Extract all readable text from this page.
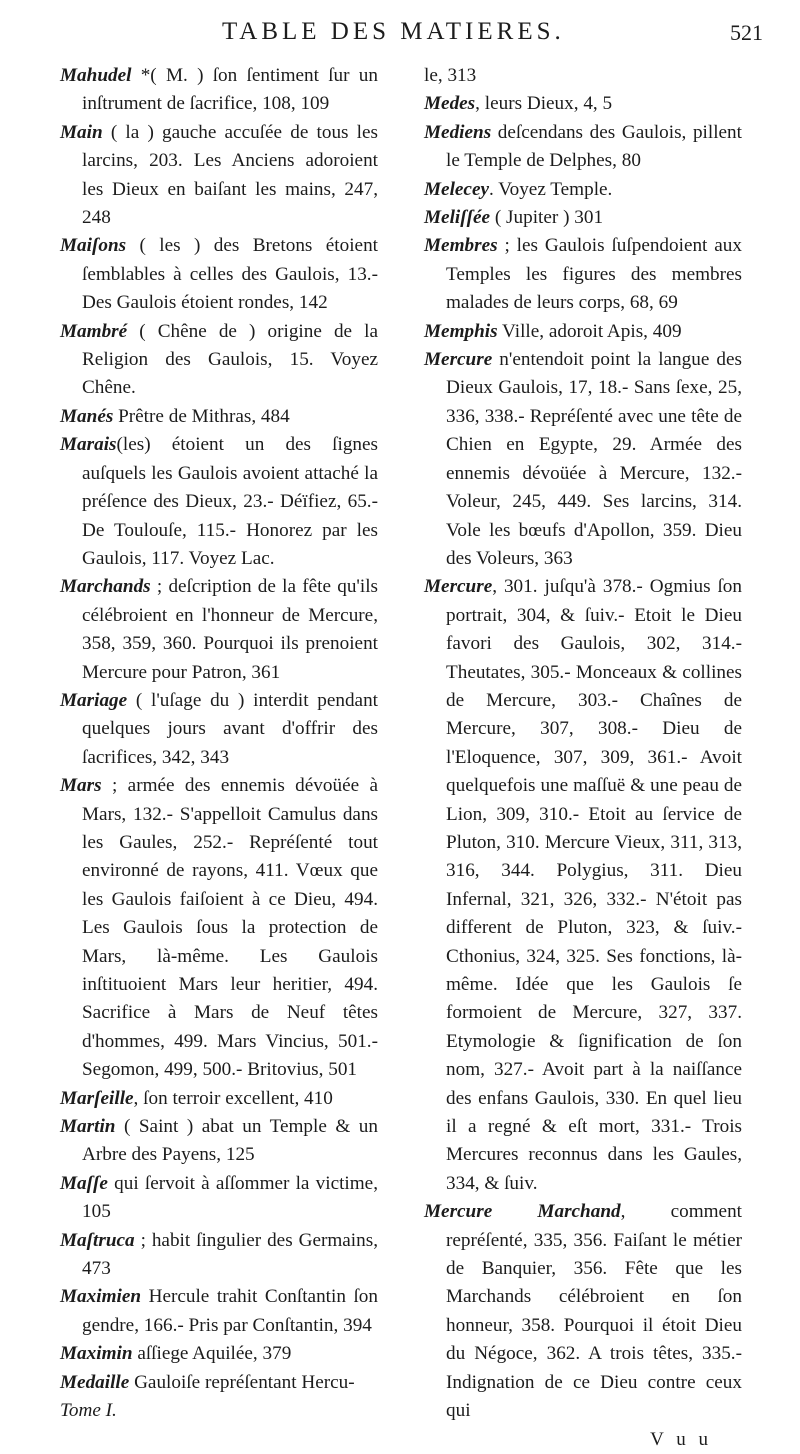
TABLE DES MATIERES.	521

Mahudel *( M. ) ſon ſentiment ſur un inſtrument de ſacrifice, 108, 109

Main ( la ) gauche accuſée de tous les larcins, 203. Les Anciens adoroient les Dieux en baiſant les mains, 247, 248

Maiſons ( les ) des Bretons étoient ſemblables à celles des Gaulois, 13.- Des Gaulois étoient rondes, 142

Mambré ( Chêne de ) origine de la Religion des Gaulois, 15. Voyez Chêne.

Manés Prêtre de Mithras, 484

Marais(les) étoient un des ſignes auſquels les Gaulois avoient attaché la préſence des Dieux, 23.- Déïfiez, 65.- De Toulouſe, 115.- Honorez par les Gaulois, 117. Voyez Lac.

Marchands ; deſcription de la fête qu'ils célébroient en l'honneur de Mercure, 358, 359, 360. Pourquoi ils prenoient Mercure pour Patron, 361

Mariage ( l'uſage du ) interdit pendant quelques jours avant d'offrir des ſacrifices, 342, 343

Mars ; armée des ennemis dévoüée à Mars, 132.- S'appelloit Camulus dans les Gaules, 252.- Repréſenté tout environné de rayons, 411. Vœux que les Gaulois faiſoient à ce Dieu, 494. Les Gaulois ſous la protection de Mars, là-même. Les Gaulois inſtituoient Mars leur heritier, 494. Sacrifice à Mars de Neuf têtes d'hommes, 499. Mars Vincius, 501.- Segomon, 499, 500.- Britovius, 501

Marſeille, ſon terroir excellent, 410

Martin ( Saint ) abat un Temple & un Arbre des Payens, 125

Maſſe qui ſervoit à aſſommer la victime, 105

Maſtruca ; habit ſingulier des Germains, 473

Maximien Hercule trahit Conſtantin ſon gendre, 166.- Pris par Conſtantin, 394

Maximin aſſiege Aquilée, 379

Medaille Gauloiſe repréſentant Hercu-

Tome I.

le, 313

Medes, leurs Dieux, 4, 5

Mediens deſcendans des Gaulois, pillent le Temple de Delphes, 80

Melecey. Voyez Temple.

Meliſſée ( Jupiter ) 301

Membres ; les Gaulois ſuſpendoient aux Temples les figures des membres malades de leurs corps, 68, 69

Memphis Ville, adoroit Apis, 409

Mercure n'entendoit point la langue des Dieux Gaulois, 17, 18.- Sans ſexe, 25, 336, 338.- Repréſenté avec une tête de Chien en Egypte, 29. Armée des ennemis dévoüée à Mercure, 132.- Voleur, 245, 449. Ses larcins, 314. Vole les bœufs d'Apollon, 359. Dieu des Voleurs, 363

Mercure, 301. juſqu'à 378.- Ogmius ſon portrait, 304, & ſuiv.- Etoit le Dieu favori des Gaulois, 302, 314.- Theutates, 305.- Monceaux & collines de Mercure, 303.- Chaînes de Mercure, 307, 308.- Dieu de l'Eloquence, 307, 309, 361.- Avoit quelquefois une maſſuë & une peau de Lion, 309, 310.- Etoit au ſervice de Pluton, 310. Mercure Vieux, 311, 313, 316, 344. Polygius, 311. Dieu Infernal, 321, 326, 332.- N'étoit pas different de Pluton, 323, & ſuiv.- Cthonius, 324, 325. Ses fonctions, là-même. Idée que les Gaulois ſe formoient de Mercure, 327, 337. Etymologie & ſignification de ſon nom, 327.- Avoit part à la naiſſance des enfans Gaulois, 330. En quel lieu il a regné & eſt mort, 331.- Trois Mercures reconnus dans les Gaules, 334, & ſuiv.

Mercure Marchand, comment repréſenté, 335, 356. Faiſant le métier de Banquier, 356. Fête que les Marchands célébroient en ſon honneur, 358. Pourquoi il étoit Dieu du Négoce, 362. A trois têtes, 335.- Indignation de ce Dieu contre ceux qui

V u u
